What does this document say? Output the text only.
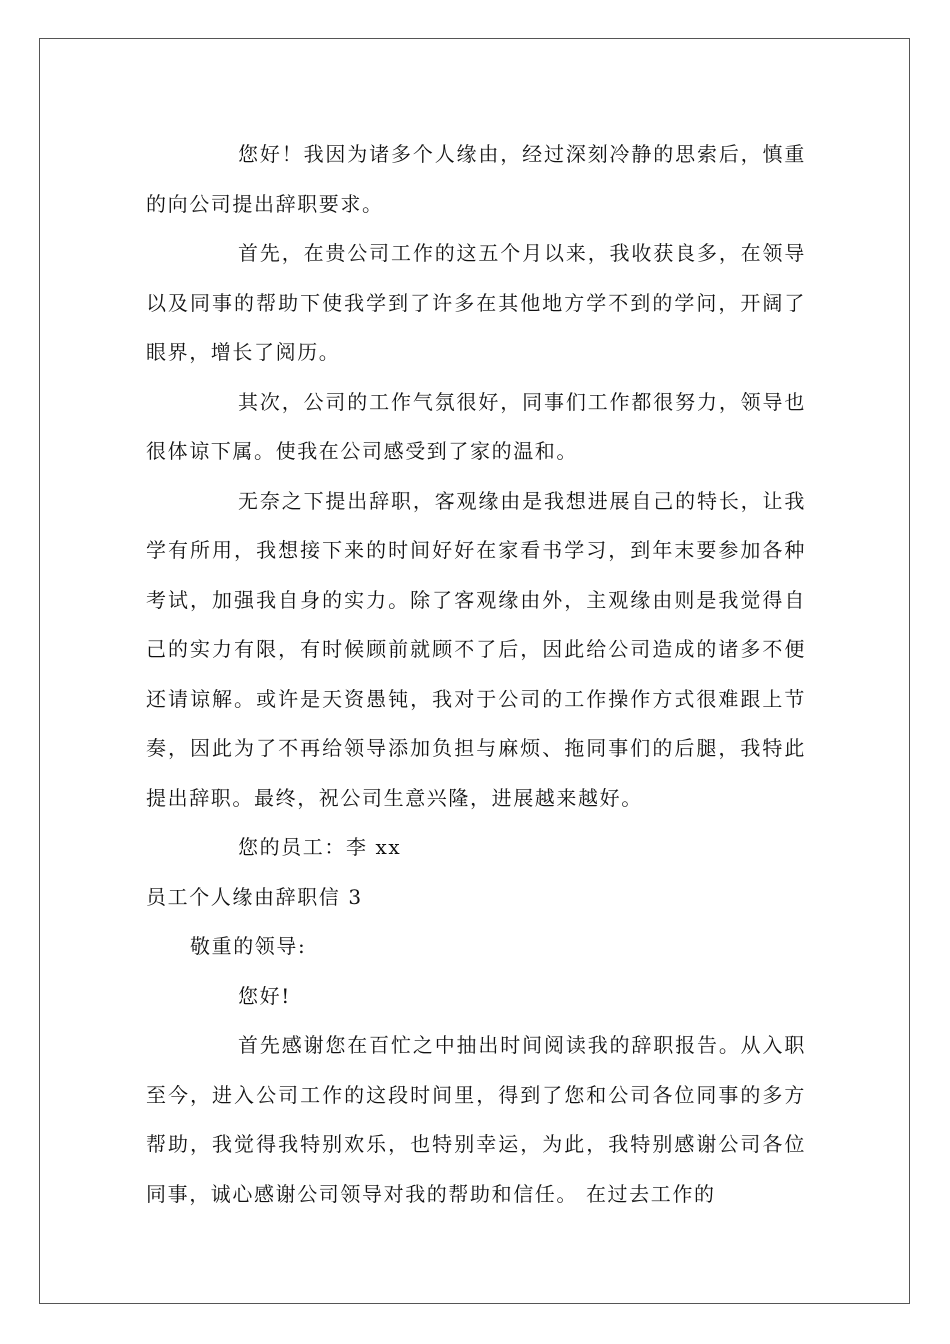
您好！我因为诸多个人缘由，经过深刻冷静的思索后，慎重的向公司提出辞职要求。

首先，在贵公司工作的这五个月以来，我收获良多，在领导以及同事的帮助下使我学到了许多在其他地方学不到的学问，开阔了眼界，增长了阅历。

其次，公司的工作气氛很好，同事们工作都很努力，领导也很体谅下属。使我在公司感受到了家的温和。

无奈之下提出辞职，客观缘由是我想进展自己的特长，让我学有所用，我想接下来的时间好好在家看书学习，到年末要参加各种考试，加强我自身的实力。除了客观缘由外，主观缘由则是我觉得自己的实力有限，有时候顾前就顾不了后，因此给公司造成的诸多不便还请谅解。或许是天资愚钝，我对于公司的工作操作方式很难跟上节奏，因此为了不再给领导添加负担与麻烦、拖同事们的后腿，我特此提出辞职。最终，祝公司生意兴隆，进展越来越好。

您的员工：李 xx

员工个人缘由辞职信 3

敬重的领导:

您好!

首先感谢您在百忙之中抽出时间阅读我的辞职报告。从入职至今，进入公司工作的这段时间里，得到了您和公司各位同事的多方帮助，我觉得我特别欢乐，也特别幸运，为此，我特别感谢公司各位同事，诚心感谢公司领导对我的帮助和信任。 在过去工作的
